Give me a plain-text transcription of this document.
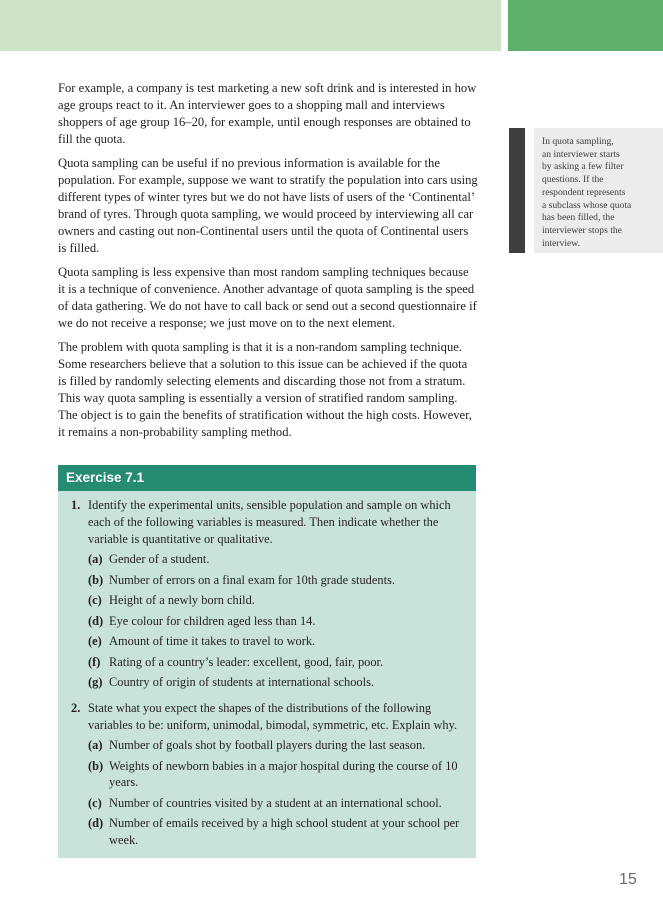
For example, a company is test marketing a new soft drink and is interested in how age groups react to it. An interviewer goes to a shopping mall and interviews shoppers of age group 16–20, for example, until enough responses are obtained to fill the quota.

Quota sampling can be useful if no previous information is available for the population. For example, suppose we want to stratify the population into cars using different types of winter tyres but we do not have lists of users of the ‘Continental’ brand of tyres. Through quota sampling, we would proceed by interviewing all car owners and casting out non-Continental users until the quota of Continental users is filled.

Quota sampling is less expensive than most random sampling techniques because it is a technique of convenience. Another advantage of quota sampling is the speed of data gathering. We do not have to call back or send out a second questionnaire if we do not receive a response; we just move on to the next element.

The problem with quota sampling is that it is a non-random sampling technique. Some researchers believe that a solution to this issue can be achieved if the quota is filled by randomly selecting elements and discarding those not from a stratum. This way quota sampling is essentially a version of stratified random sampling. The object is to gain the benefits of stratification without the high costs. However, it remains a non-probability sampling method.

In quota sampling,
an interviewer starts
by asking a few filter
questions. If the
respondent represents
a subclass whose quota
has been filled, the
interviewer stops the
interview.
Exercise 7.1
1. Identify the experimental units, sensible population and sample on which each of the following variables is measured. Then indicate whether the variable is quantitative or qualitative.
(a) Gender of a student.
(b) Number of errors on a final exam for 10th grade students.
(c) Height of a newly born child.
(d) Eye colour for children aged less than 14.
(e) Amount of time it takes to travel to work.
(f) Rating of a country’s leader: excellent, good, fair, poor.
(g) Country of origin of students at international schools.
2. State what you expect the shapes of the distributions of the following variables to be: uniform, unimodal, bimodal, symmetric, etc. Explain why.
(a) Number of goals shot by football players during the last season.
(b) Weights of newborn babies in a major hospital during the course of 10 years.
(c) Number of countries visited by a student at an international school.
(d) Number of emails received by a high school student at your school per week.
15
